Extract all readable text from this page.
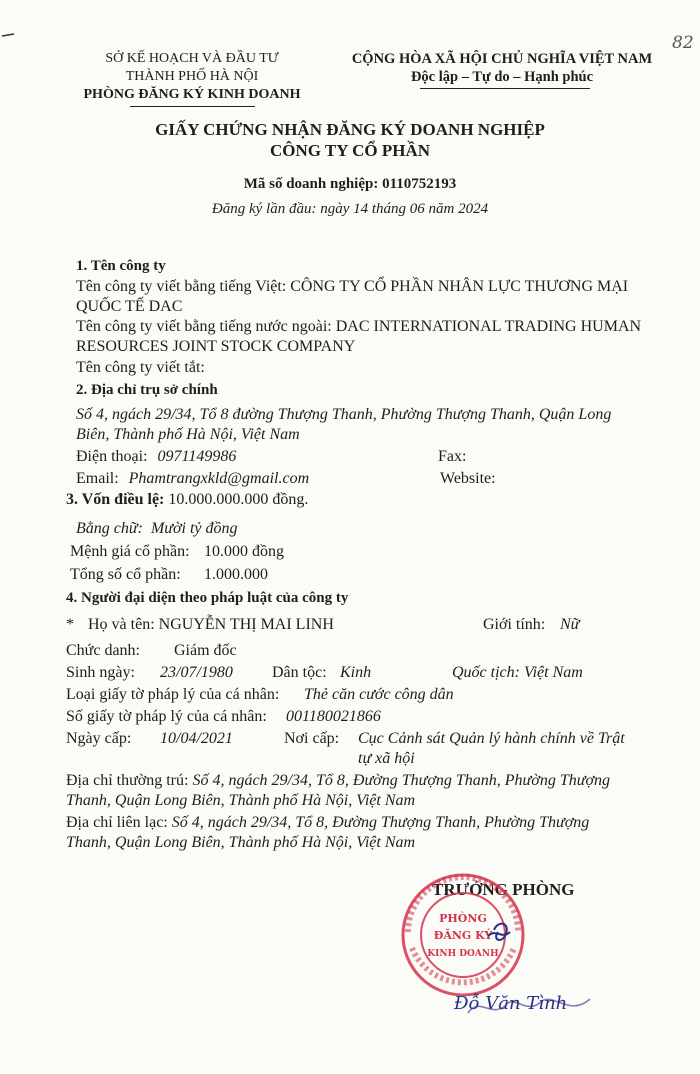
82
SỞ KẾ HOẠCH VÀ ĐẦU TƯ
THÀNH PHỐ HÀ NỘI
PHÒNG ĐĂNG KÝ KINH DOANH
CỘNG HÒA XÃ HỘI CHỦ NGHĨA VIỆT NAM
Độc lập – Tự do – Hạnh phúc
GIẤY CHỨNG NHẬN ĐĂNG KÝ DOANH NGHIỆP
CÔNG TY CỔ PHẦN
Mã số doanh nghiệp: 0110752193
Đăng ký lần đầu: ngày 14 tháng 06 năm 2024
1. Tên công ty
Tên công ty viết bằng tiếng Việt: CÔNG TY CỔ PHẦN NHÂN LỰC THƯƠNG MẠI
QUỐC TẾ DAC
Tên công ty viết bằng tiếng nước ngoài: DAC INTERNATIONAL TRADING HUMAN
RESOURCES JOINT STOCK COMPANY
Tên công ty viết tắt:
2. Địa chỉ trụ sở chính
Số 4, ngách 29/34, Tổ 8 đường Thượng Thanh, Phường Thượng Thanh, Quận Long
Biên, Thành phố Hà Nội, Việt Nam
Điện thoại: 0971149986	Fax:
Email: Phamtrangxkld@gmail.com	Website:
3. Vốn điều lệ: 10.000.000.000 đồng.
Bằng chữ: Mười tỷ đồng
Mệnh giá cổ phần: 10.000 đồng
Tổng số cổ phần: 1.000.000
4. Người đại diện theo pháp luật của công ty
* Họ và tên: NGUYỄN THỊ MAI LINH	Giới tính: Nữ
Chức danh: Giám đốc
Sinh ngày: 23/07/1980 Dân tộc: Kinh	Quốc tịch: Việt Nam
Loại giấy tờ pháp lý của cá nhân: Thẻ căn cước công dân
Số giấy tờ pháp lý của cá nhân: 001180021866
Ngày cấp: 10/04/2021	Nơi cấp: Cục Cảnh sát Quản lý hành chính về Trật
tự xã hội
Địa chỉ thường trú: Số 4, ngách 29/34, Tổ 8, Đường Thượng Thanh, Phường Thượng
Thanh, Quận Long Biên, Thành phố Hà Nội, Việt Nam
Địa chỉ liên lạc: Số 4, ngách 29/34, Tổ 8, Đường Thượng Thanh, Phường Thượng
Thanh, Quận Long Biên, Thành phố Hà Nội, Việt Nam
TRƯỞNG PHÒNG
PHÒNG
ĐĂNG KÝ
KINH DOANH
Đỗ Văn Tình
